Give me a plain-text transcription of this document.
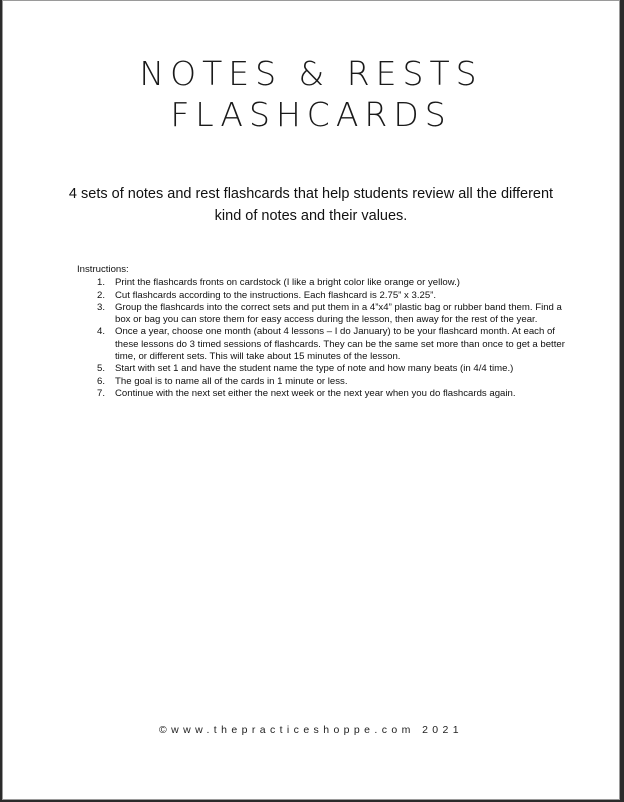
NOTES & RESTS
FLASHCARDS
4 sets of notes and rest flashcards that help students review all the different kind of notes and their values.
Instructions:
1. Print the flashcards fronts on cardstock (I like a bright color like orange or yellow.)
2. Cut flashcards according to the instructions. Each flashcard is 2.75” x 3.25”.
3. Group the flashcards into the correct sets and put them in a 4”x4” plastic bag or rubber band them. Find a box or bag you can store them for easy access during the lesson, then away for the rest of the year.
4. Once a year, choose one month (about 4 lessons – I do January) to be your flashcard month. At each of these lessons do 3 timed sessions of flashcards. They can be the same set more than once to get a better time, or different sets. This will take about 15 minutes of the lesson.
5. Start with set 1 and have the student name the type of note and how many beats (in 4/4 time.)
6. The goal is to name all of the cards in 1 minute or less.
7. Continue with the next set either the next week or the next year when you do flashcards again.
©www.thepracticeshoppe.com 2021
